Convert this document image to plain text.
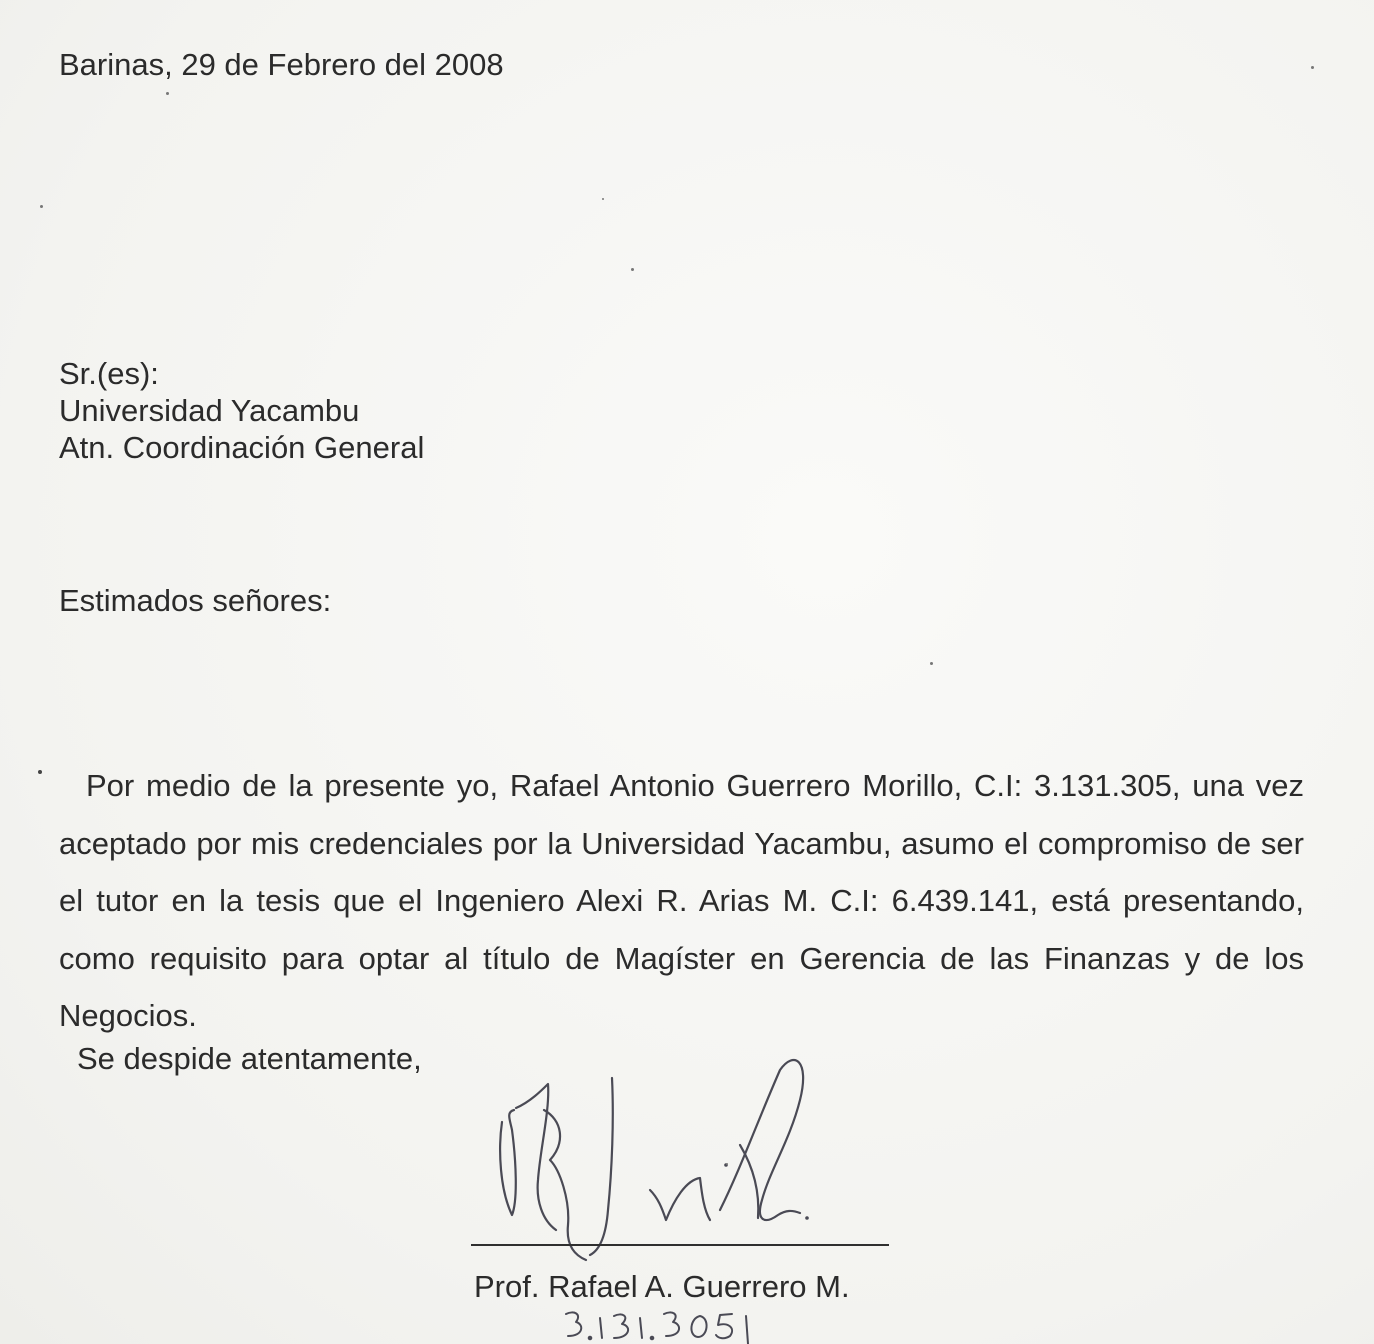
Barinas, 29 de Febrero del 2008
Sr.(es):
Universidad Yacambu
Atn. Coordinación General
Estimados señores:
Por medio de la presente yo, Rafael Antonio Guerrero Morillo, C.I: 3.131.305, una vez aceptado por mis credenciales por la Universidad Yacambu, asumo el compromiso de ser el tutor en la tesis que el Ingeniero Alexi R. Arias M. C.I: 6.439.141, está presentando, como requisito para optar al título de Magíster en Gerencia de las Finanzas y de los Negocios.
Se despide atentamente,
Prof. Rafael A. Guerrero M.
